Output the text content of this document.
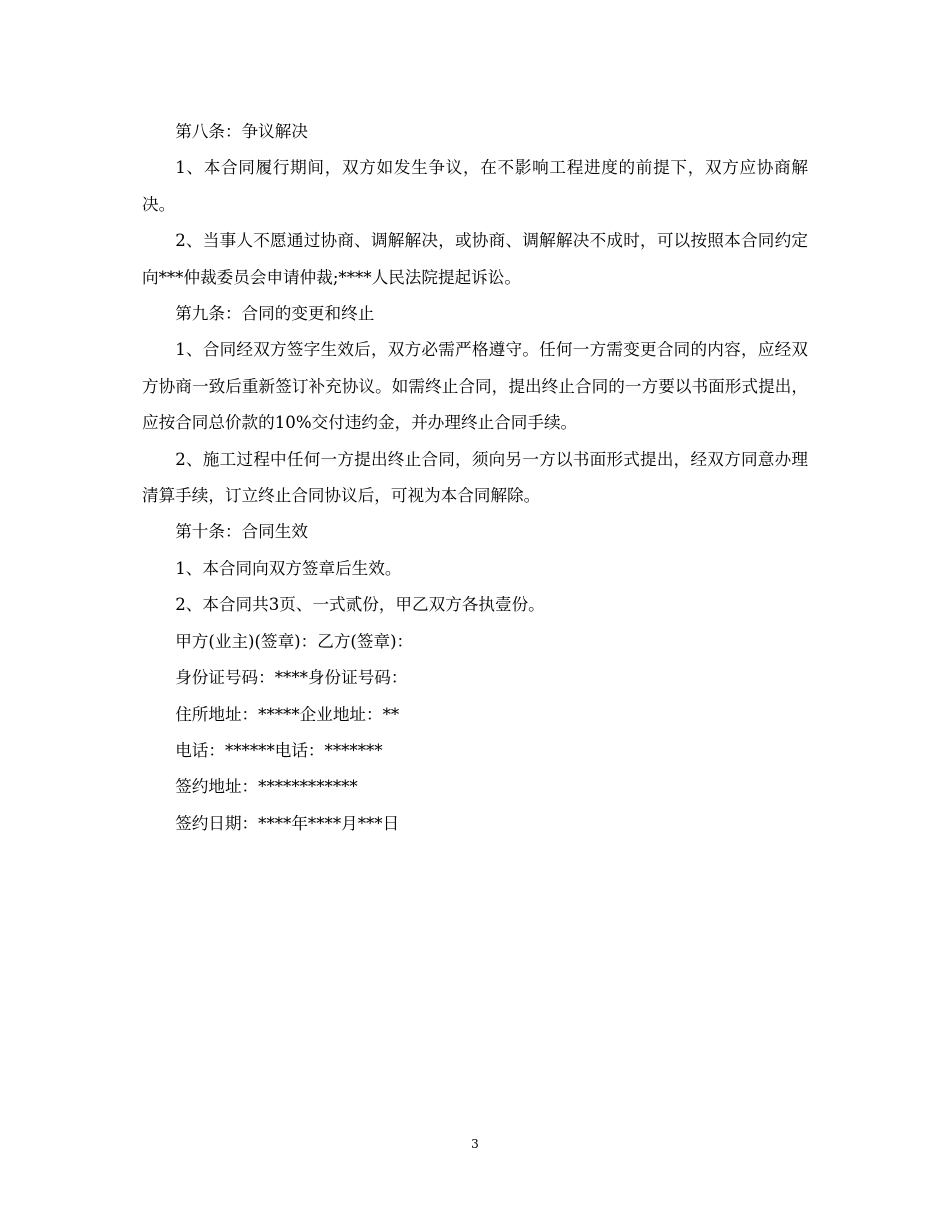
第八条：争议解决

1、本合同履行期间，双方如发生争议，在不影响工程进度的前提下，双方应协商解决。

2、当事人不愿通过协商、调解解决，或协商、调解解决不成时，可以按照本合同约定向***仲裁委员会申请仲裁;****人民法院提起诉讼。

第九条：合同的变更和终止

1、合同经双方签字生效后，双方必需严格遵守。任何一方需变更合同的内容，应经双方协商一致后重新签订补充协议。如需终止合同，提出终止合同的一方要以书面形式提出，应按合同总价款的10%交付违约金，并办理终止合同手续。

2、施工过程中任何一方提出终止合同，须向另一方以书面形式提出，经双方同意办理清算手续，订立终止合同协议后，可视为本合同解除。

第十条：合同生效

1、本合同向双方签章后生效。

2、本合同共3页、一式贰份，甲乙双方各执壹份。

甲方(业主)(签章)：乙方(签章)：

身份证号码：****身份证号码：

住所地址：*****企业地址：**

电话：******电话：*******

签约地址：************

签约日期：****年****月***日

3
